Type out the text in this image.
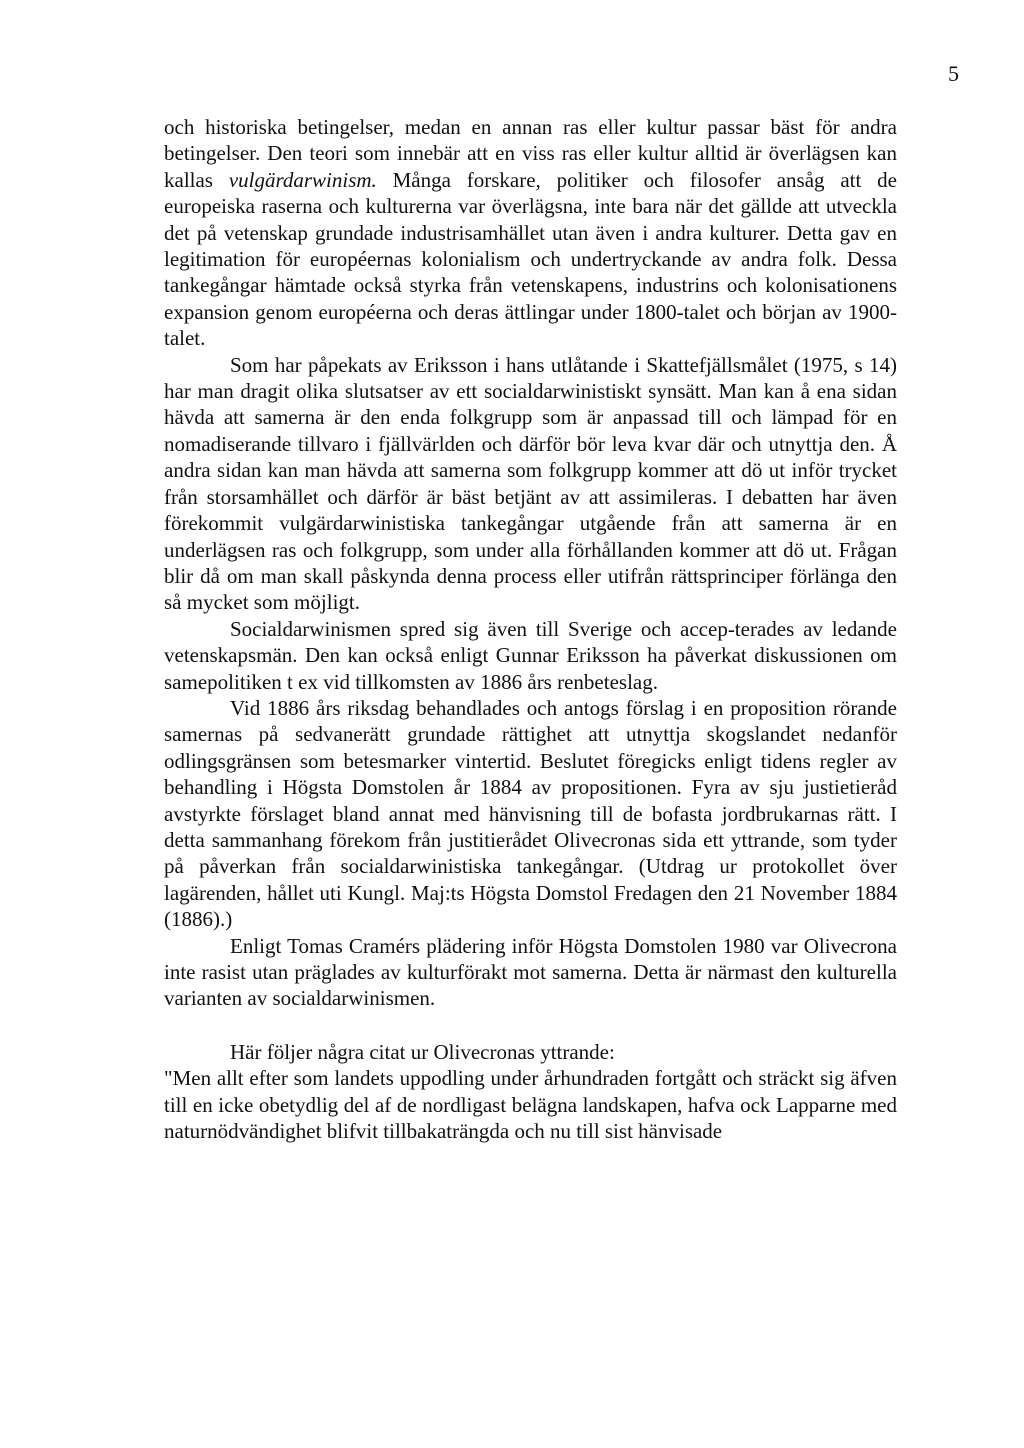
5

och historiska betingelser, medan en annan ras eller kultur passar bäst för andra betingelser. Den teori som innebär att en viss ras eller kultur alltid är överlägsen kan kallas vulgärdarwinism. Många forskare, politiker och filosofer ansåg att de europeiska raserna och kulturerna var överlägsna, inte bara när det gällde att utveckla det på vetenskap grundade industrisamhället utan även i andra kulturer. Detta gav en legitimation för européernas kolonialism och undertryckande av andra folk. Dessa tankegångar hämtade också styrka från vetenskapens, industrins och kolonisationens expansion genom européerna och deras ättlingar under 1800-talet och början av 1900-talet.

Som har påpekats av Eriksson i hans utlåtande i Skattefjällsmålet (1975, s 14) har man dragit olika slutsatser av ett socialdarwinistiskt synsätt. Man kan å ena sidan hävda att samerna är den enda folkgrupp som är anpassad till och lämpad för en nomadiserande tillvaro i fjällvärlden och därför bör leva kvar där och utnyttja den. Å andra sidan kan man hävda att samerna som folkgrupp kommer att dö ut inför trycket från storsamhället och därför är bäst betjänt av att assimileras. I debatten har även förekommit vulgärdarwinistiska tankegångar utgående från att samerna är en underlägsen ras och folkgrupp, som under alla förhållanden kommer att dö ut. Frågan blir då om man skall påskynda denna process eller utifrån rättsprinciper förlänga den så mycket som möjligt.

Socialdarwinismen spred sig även till Sverige och accep-terades av ledande vetenskapsmän. Den kan också enligt Gunnar Eriksson ha påverkat diskussionen om samepolitiken t ex vid tillkomsten av 1886 års renbeteslag.

Vid 1886 års riksdag behandlades och antogs förslag i en proposition rörande samernas på sedvanerätt grundade rättighet att utnyttja skogslandet nedanför odlingsgränsen som betesmarker vintertid. Beslutet föregicks enligt tidens regler av behandling i Högsta Domstolen år 1884 av propositionen. Fyra av sju justietieråd avstyrkte förslaget bland annat med hänvisning till de bofasta jordbrukarnas rätt. I detta sammanhang förekom från justitierådet Olivecronas sida ett yttrande, som tyder på påverkan från socialdarwinistiska tankegångar. (Utdrag ur protokollet över lagärenden, hållet uti Kungl. Maj:ts Högsta Domstol Fredagen den 21 November 1884 (1886).)

Enligt Tomas Cramérs plädering inför Högsta Domstolen 1980 var Olivecrona inte rasist utan präglades av kulturförakt mot samerna. Detta är närmast den kulturella varianten av socialdarwinismen.

Här följer några citat ur Olivecronas yttrande:

"Men allt efter som landets uppodling under århundraden fortgått och sträckt sig äfven till en icke obetydlig del af de nordligast belägna landskapen, hafva ock Lapparne med naturnödvändighet blifvit tillbakaträngda och nu till sist hänvisade
